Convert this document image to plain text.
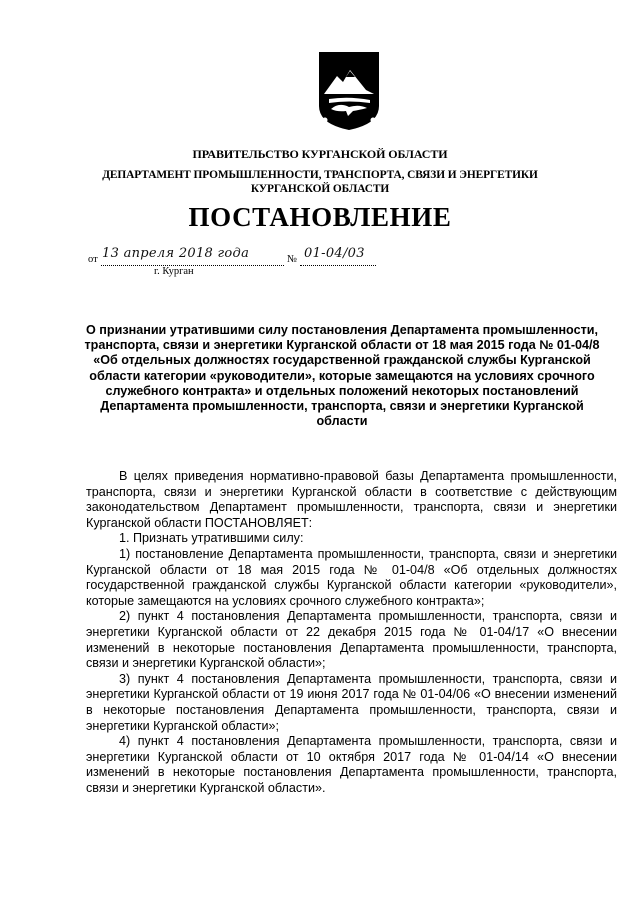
ПРАВИТЕЛЬСТВО КУРГАНСКОЙ ОБЛАСТИ
ДЕПАРТАМЕНТ ПРОМЫШЛЕННОСТИ, ТРАНСПОРТА, СВЯЗИ И ЭНЕРГЕТИКИ
КУРГАНСКОЙ ОБЛАСТИ
ПОСТАНОВЛЕНИЕ
от 13 апреля 2018 года	№ 01-04/03
г. Курган
О признании утратившими силу постановления Департамента промышленности, транспорта, связи и энергетики Курганской области от 18 мая 2015 года № 01-04/8 «Об отдельных должностях государственной гражданской службы Курганской области категории «руководители», которые замещаются на условиях срочного служебного контракта» и отдельных положений некоторых постановлений Департамента промышленности, транспорта, связи и энергетики Курганской области

В целях приведения нормативно-правовой базы Департамента промышленности, транспорта, связи и энергетики Курганской области в соответствие с действующим законодательством Департамент промышленности, транспорта, связи и энергетики Курганской области ПОСТАНОВЛЯЕТ:

1. Признать утратившими силу:

1) постановление Департамента промышленности, транспорта, связи и энергетики Курганской области от 18 мая 2015 года № 01-04/8 «Об отдельных должностях государственной гражданской службы Курганской области категории «руководители», которые замещаются на условиях срочного служебного контракта»;

2) пункт 4 постановления Департамента промышленности, транспорта, связи и энергетики Курганской области от 22 декабря 2015 года № 01-04/17 «О внесении изменений в некоторые постановления Департамента промышленности, транспорта, связи и энергетики Курганской области»;

3) пункт 4 постановления Департамента промышленности, транспорта, связи и энергетики Курганской области от 19 июня 2017 года № 01-04/06 «О внесении изменений в некоторые постановления Департамента промышленности, транспорта, связи и энергетики Курганской области»;

4) пункт 4 постановления Департамента промышленности, транспорта, связи и энергетики Курганской области от 10 октября 2017 года № 01-04/14 «О внесении изменений в некоторые постановления Департамента промышленности, транспорта, связи и энергетики Курганской области».
